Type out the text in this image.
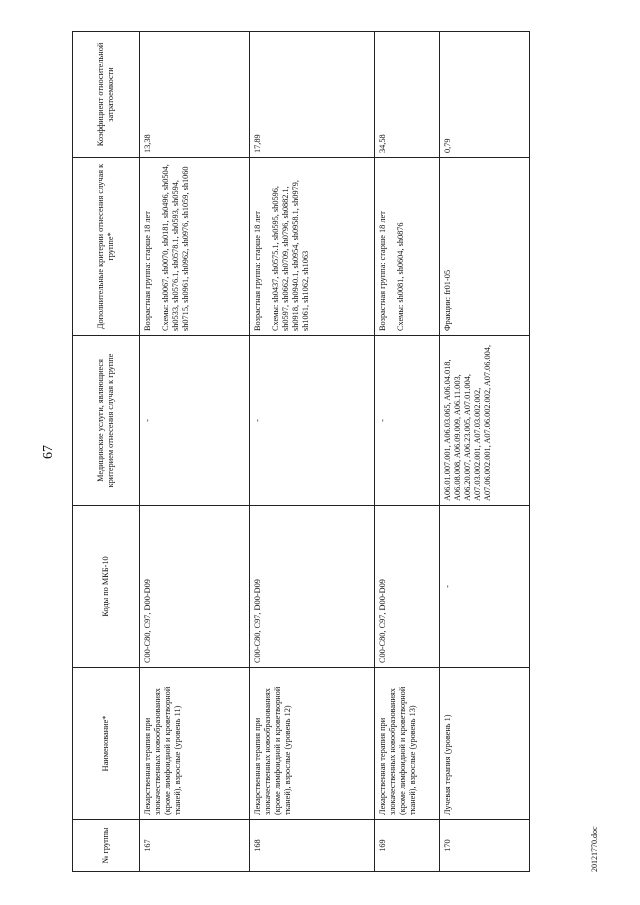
67
№ группы	Наименование*	Коды по МКБ-10	Медицинские услуги, являющиеся критерием отнесения случая к группе	Дополнительные критерии отнесения случая к группе*	Коэффициент относительной затратоемкости
167	Лекарственная терапия при злокачественных новообразованиях (кроме лимфоидной и кроветворной тканей), взрослые (уровень 11)	C00-C80, C97, D00-D09	-	Возрастная группа: старше 18 лет Схемы: sh0067, sh0070, sh0181, sh0496, sh0504, sh0533, sh0576.1, sh0578.1, sh0593, sh0594, sh0715, sh0961, sh0962, sh0976, sh1059, sh1060	13,38
168	Лекарственная терапия при злокачественных новообразованиях (кроме лимфоидной и кроветворной тканей), взрослые (уровень 12)	C00-C80, C97, D00-D09	-	Возрастная группа: старше 18 лет Схемы: sh0437, sh0575.1, sh0595, sh0596, sh0597, sh0662, sh0709, sh0796, sh0882.1, sh0918, sh0940.1, sh0954, sh0958.1, sh0979, sh1061, sh1062, sh1063	17,89
169	Лекарственная терапия при злокачественных новообразованиях (кроме лимфоидной и кроветворной тканей), взрослые (уровень 13)	C00-C80, C97, D00-D09	-	Возрастная группа: старше 18 лет Схемы: sh0081, sh0604, sh0876	34,58
170	Лучевая терапия (уровень 1)	-	A06.01.007.001, A06.03.065, A06.04.018, A06.08.008, A06.09.009, A06.11.003, A06.20.007, A06.23.005, A07.01.004, A07.03.002.001, A07.03.002.002, A07.06.002.001, A07.06.002.002, A07.06.004,	Фракции: fr01-05	0,79
20121770.doc
